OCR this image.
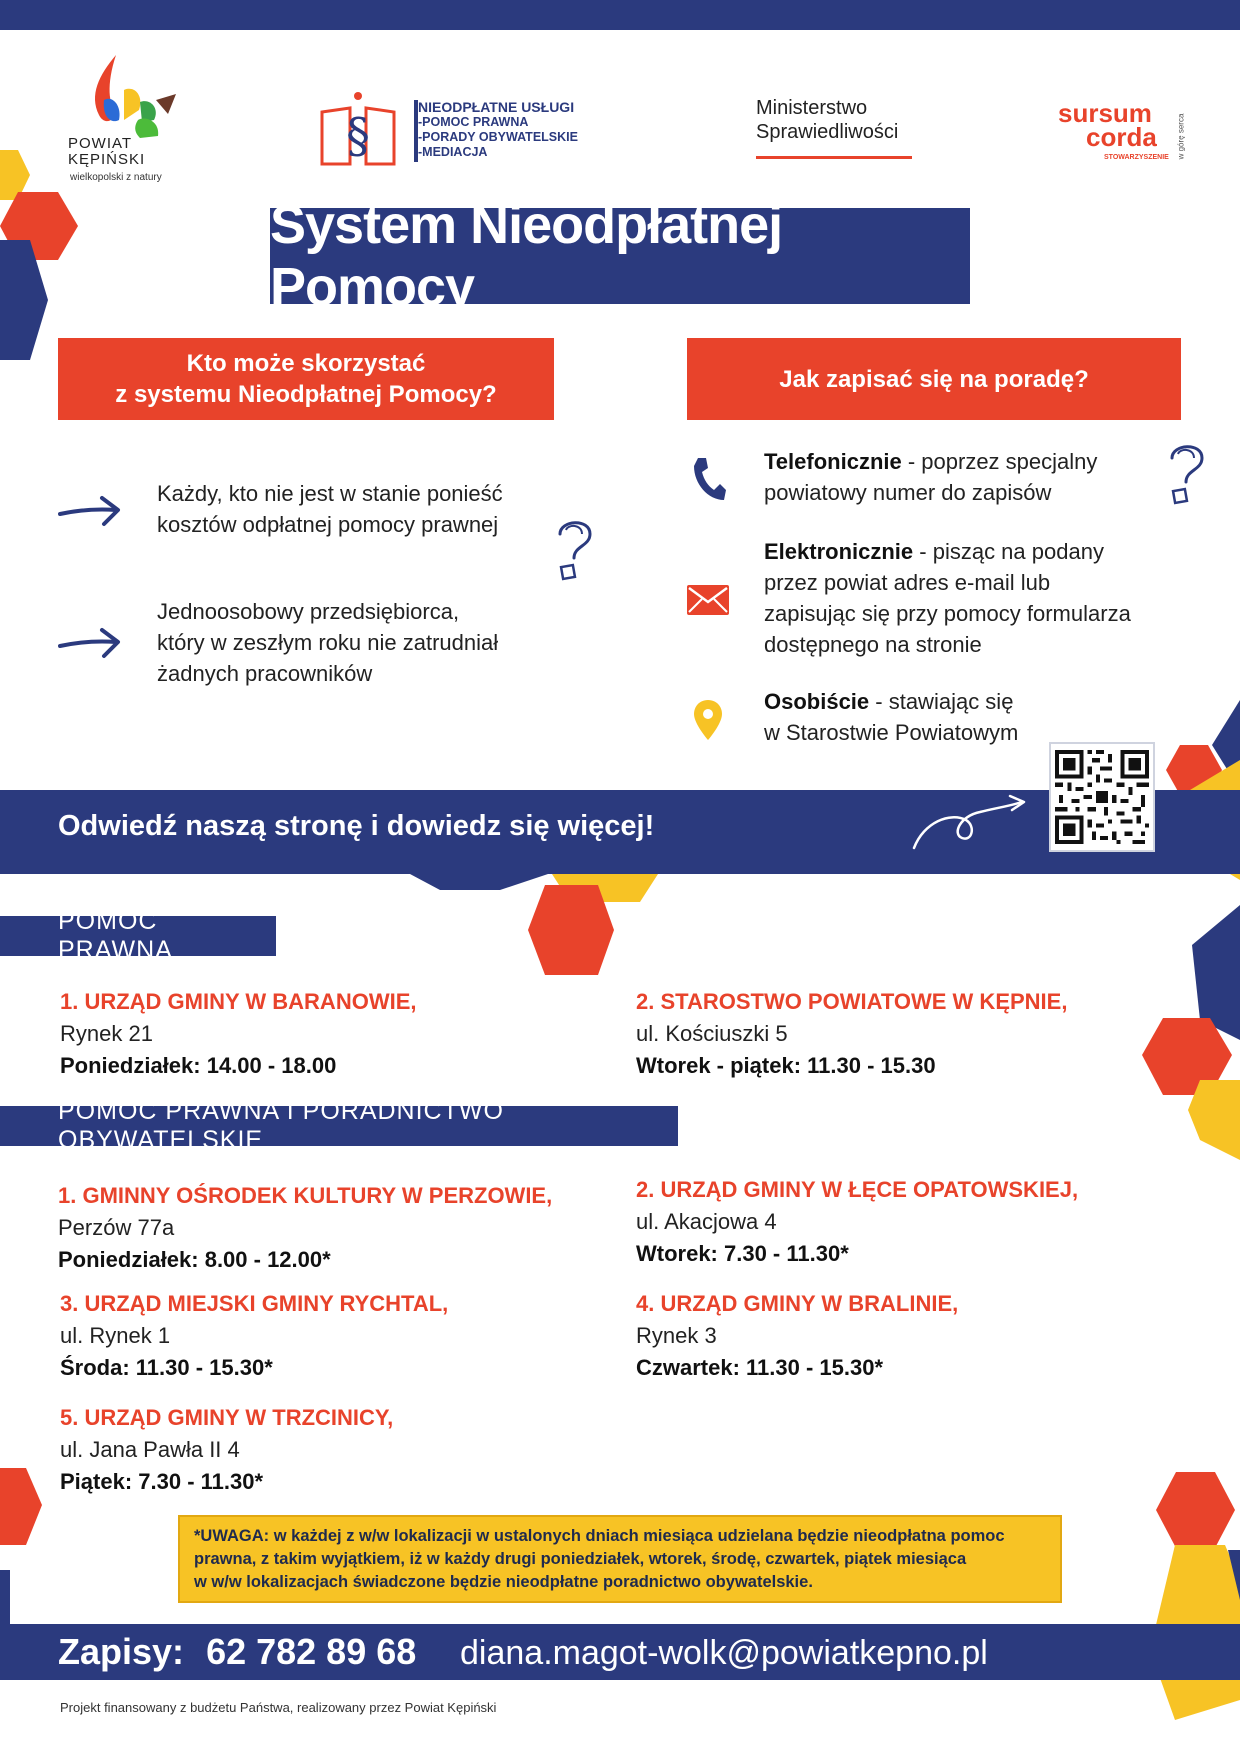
POWIAT
KĘPIŃSKI
wielkopolski z natury
§
NIEODPŁATNE USŁUGI
-POMOC PRAWNA
-PORADY OBYWATELSKIE
-MEDIACJA
Ministerstwo
Sprawiedliwości
sursum
corda
STOWARZYSZENIE w górę serca
System Nieodpłatnej Pomocy
Kto może skorzystać
z systemu Nieodpłatnej Pomocy?
Jak zapisać się na poradę?
Każdy, kto nie jest w stanie ponieść
kosztów odpłatnej pomocy prawnej
Jednoosobowy przedsiębiorca,
który w zeszłym roku nie zatrudniał
żadnych pracowników
Telefonicznie - poprzez specjalny
powiatowy numer do zapisów
Elektronicznie - pisząc na podany
przez powiat adres e-mail lub
zapisując się przy pomocy formularza
dostępnego na stronie
Osobiście - stawiając się
w Starostwie Powiatowym
Odwiedź naszą stronę i dowiedz się więcej!
POMOC PRAWNA
1. URZĄD GMINY W BARANOWIE,
Rynek 21
Poniedziałek: 14.00 - 18.00
2. STAROSTWO POWIATOWE W KĘPNIE,
ul. Kościuszki 5
Wtorek - piątek: 11.30 - 15.30
POMOC PRAWNA I PORADNICTWO OBYWATELSKIE
1. GMINNY OŚRODEK KULTURY W PERZOWIE,
Perzów 77a
Poniedziałek: 8.00 - 12.00*
2. URZĄD GMINY W ŁĘCE OPATOWSKIEJ,
ul. Akacjowa 4
Wtorek: 7.30 - 11.30*
3. URZĄD MIEJSKI GMINY RYCHTAL,
ul. Rynek 1
Środa: 11.30 - 15.30*
4. URZĄD GMINY W BRALINIE,
Rynek 3
Czwartek: 11.30 - 15.30*
5. URZĄD GMINY W TRZCINICY,
ul. Jana Pawła II 4
Piątek: 7.30 - 11.30*
*UWAGA: w każdej z w/w lokalizacji w ustalonych dniach miesiąca udzielana będzie nieodpłatna pomoc
prawna, z takim wyjątkiem, iż w każdy drugi poniedziałek, wtorek, środę, czwartek, piątek miesiąca
w w/w lokalizacjach świadczone będzie nieodpłatne poradnictwo obywatelskie.
Zapisy: 62 782 89 68 diana.magot-wolk@powiatkepno.pl
Projekt finansowany z budżetu Państwa, realizowany przez Powiat Kępiński
